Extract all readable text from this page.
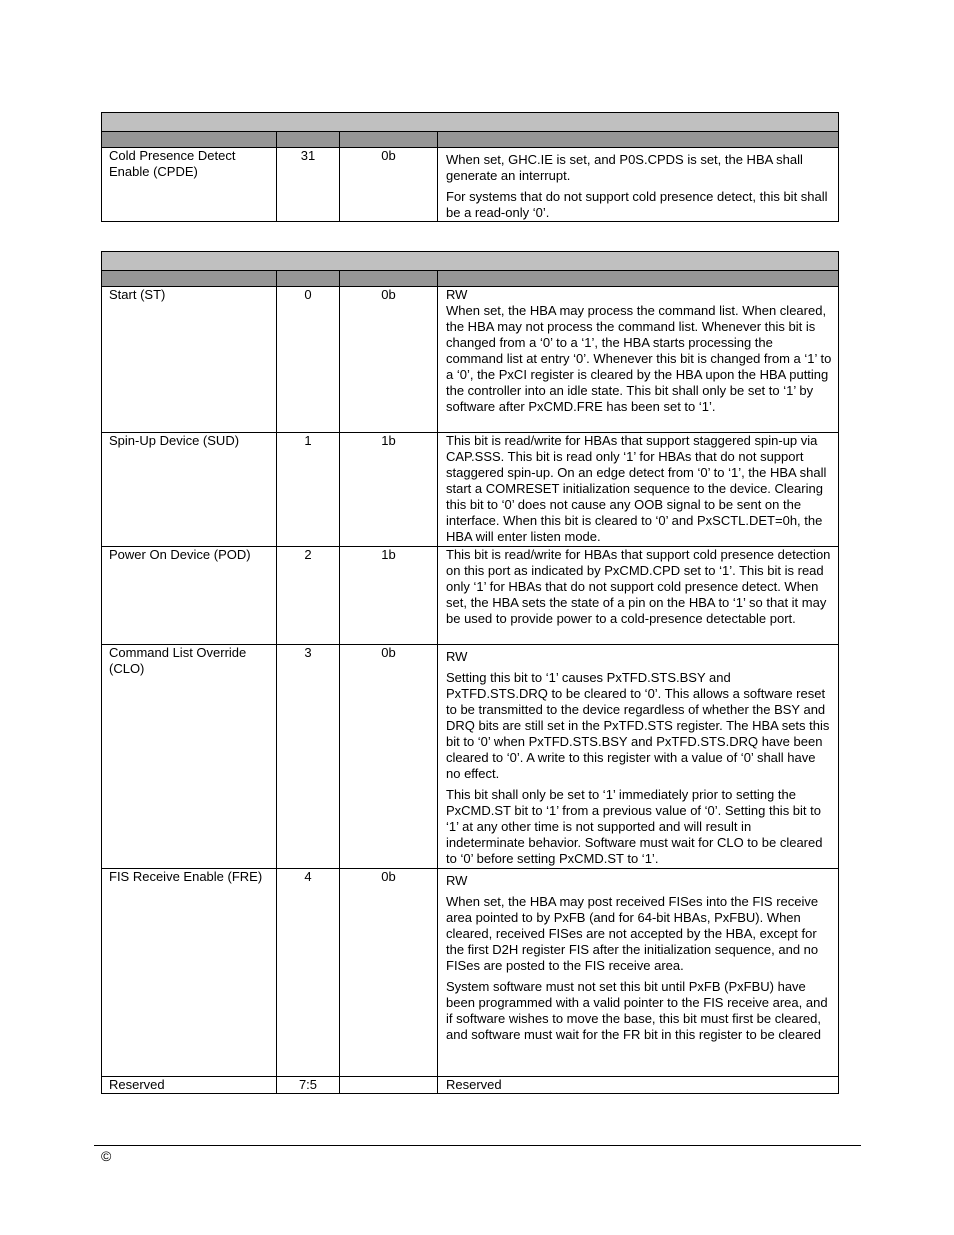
Cold Presence Detect Enable (CPDE)	31	0b	When set, GHC.IE is set, and P0S.CPDS is set, the HBA shall generate an interrupt.

For systems that do not support cold presence detect, this bit shall be a read-only ‘0’.

Start (ST)	0	0b	RW

When set, the HBA may process the command list. When cleared, the HBA may not process the command list. Whenever this bit is changed from a ‘0’ to a ‘1’, the HBA starts processing the command list at entry ‘0’. Whenever this bit is changed from a ‘1’ to a ‘0’, the PxCI register is cleared by the HBA upon the HBA putting the controller into an idle state. This bit shall only be set to ‘1’ by software after PxCMD.FRE has been set to ‘1’.

Spin-Up Device (SUD)	1	1b	This bit is read/write for HBAs that support staggered spin-up via CAP.SSS. This bit is read only ‘1’ for HBAs that do not support staggered spin-up. On an edge detect from ‘0’ to ‘1’, the HBA shall start a COMRESET initialization sequence to the device. Clearing this bit to ‘0’ does not cause any OOB signal to be sent on the interface. When this bit is cleared to ‘0’ and PxSCTL.DET=0h, the HBA will enter listen mode.

Power On Device (POD)	2	1b	This bit is read/write for HBAs that support cold presence detection on this port as indicated by PxCMD.CPD set to ‘1’. This bit is read only ‘1’ for HBAs that do not support cold presence detect. When set, the HBA sets the state of a pin on the HBA to ‘1’ so that it may be used to provide power to a cold-presence detectable port.

Command List Override (CLO)	3	0b	RW

Setting this bit to ‘1’ causes PxTFD.STS.BSY and PxTFD.STS.DRQ to be cleared to ‘0’. This allows a software reset to be transmitted to the device regardless of whether the BSY and DRQ bits are still set in the PxTFD.STS register. The HBA sets this bit to ‘0’ when PxTFD.STS.BSY and PxTFD.STS.DRQ have been cleared to ‘0’. A write to this register with a value of ‘0’ shall have no effect.

This bit shall only be set to ‘1’ immediately prior to setting the PxCMD.ST bit to ‘1’ from a previous value of ‘0’. Setting this bit to ‘1’ at any other time is not supported and will result in indeterminate behavior. Software must wait for CLO to be cleared to ‘0’ before setting PxCMD.ST to ‘1’.

FIS Receive Enable (FRE)	4	0b	RW

When set, the HBA may post received FISes into the FIS receive area pointed to by PxFB (and for 64-bit HBAs, PxFBU). When cleared, received FISes are not accepted by the HBA, except for the first D2H register FIS after the initialization sequence, and no FISes are posted to the FIS receive area.

System software must not set this bit until PxFB (PxFBU) have been programmed with a valid pointer to the FIS receive area, and if software wishes to move the base, this bit must first be cleared, and software must wait for the FR bit in this register to be cleared

Reserved	7:5		Reserved

©
